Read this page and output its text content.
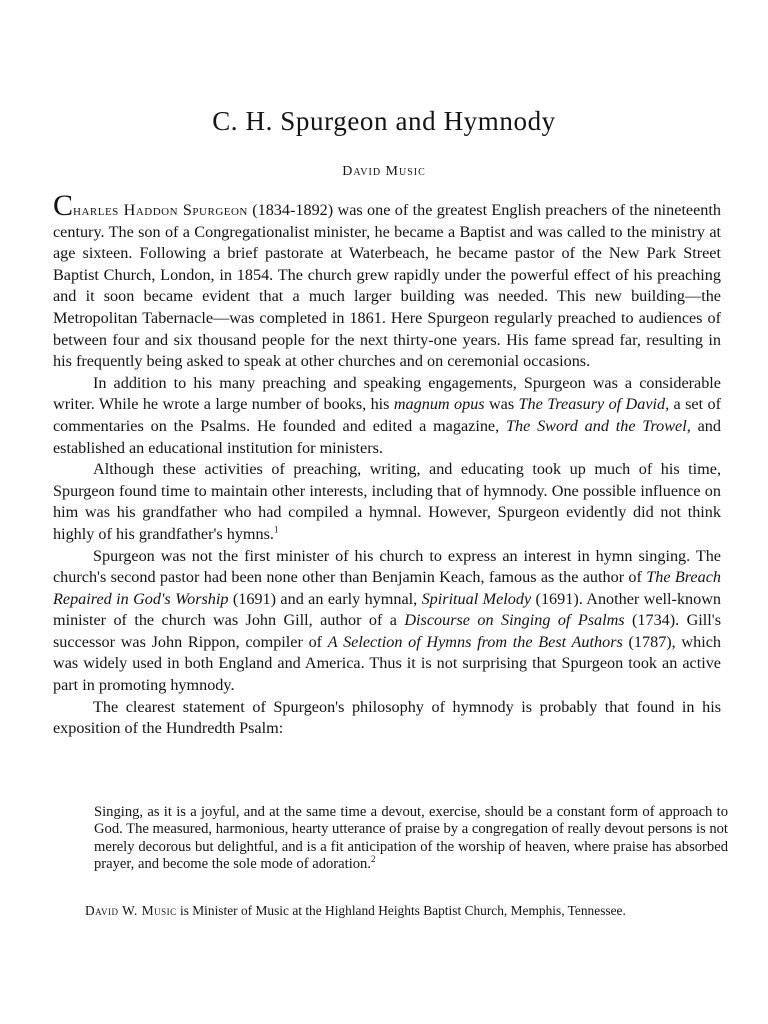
C. H. Spurgeon and Hymnody
David Music

Charles Haddon Spurgeon (1834-1892) was one of the greatest English preachers of the nineteenth century. The son of a Congregationalist minister, he became a Baptist and was called to the ministry at age sixteen. Following a brief pastorate at Waterbeach, he became pastor of the New Park Street Baptist Church, London, in 1854. The church grew rapidly under the powerful effect of his preaching and it soon became evident that a much larger building was needed. This new building—the Metropolitan Tabernacle—was completed in 1861. Here Spurgeon regularly preached to audiences of between four and six thousand people for the next thirty-one years. His fame spread far, resulting in his frequently being asked to speak at other churches and on ceremonial occasions.

In addition to his many preaching and speaking engagements, Spurgeon was a considerable writer. While he wrote a large number of books, his magnum opus was The Treasury of David, a set of commentaries on the Psalms. He founded and edited a magazine, The Sword and the Trowel, and established an educational institution for ministers.

Although these activities of preaching, writing, and educating took up much of his time, Spurgeon found time to maintain other interests, including that of hymnody. One possible influence on him was his grandfather who had compiled a hymnal. However, Spurgeon evidently did not think highly of his grandfather's hymns.$^1$

Spurgeon was not the first minister of his church to express an interest in hymn singing. The church's second pastor had been none other than Benjamin Keach, famous as the author of The Breach Repaired in God's Worship (1691) and an early hymnal, Spiritual Melody (1691). Another well-known minister of the church was John Gill, author of a Discourse on Singing of Psalms (1734). Gill's successor was John Rippon, compiler of A Selection of Hymns from the Best Authors (1787), which was widely used in both England and America. Thus it is not surprising that Spurgeon took an active part in promoting hymnody.

The clearest statement of Spurgeon's philosophy of hymnody is probably that found in his exposition of the Hundredth Psalm:

Singing, as it is a joyful, and at the same time a devout, exercise, should be a constant form of approach to God. The measured, harmonious, hearty utterance of praise by a congregation of really devout persons is not merely decorous but delightful, and is a fit anticipation of the worship of heaven, where praise has absorbed prayer, and become the sole mode of adoration.$^2$

David W. Music is Minister of Music at the Highland Heights Baptist Church, Memphis, Tennessee.
